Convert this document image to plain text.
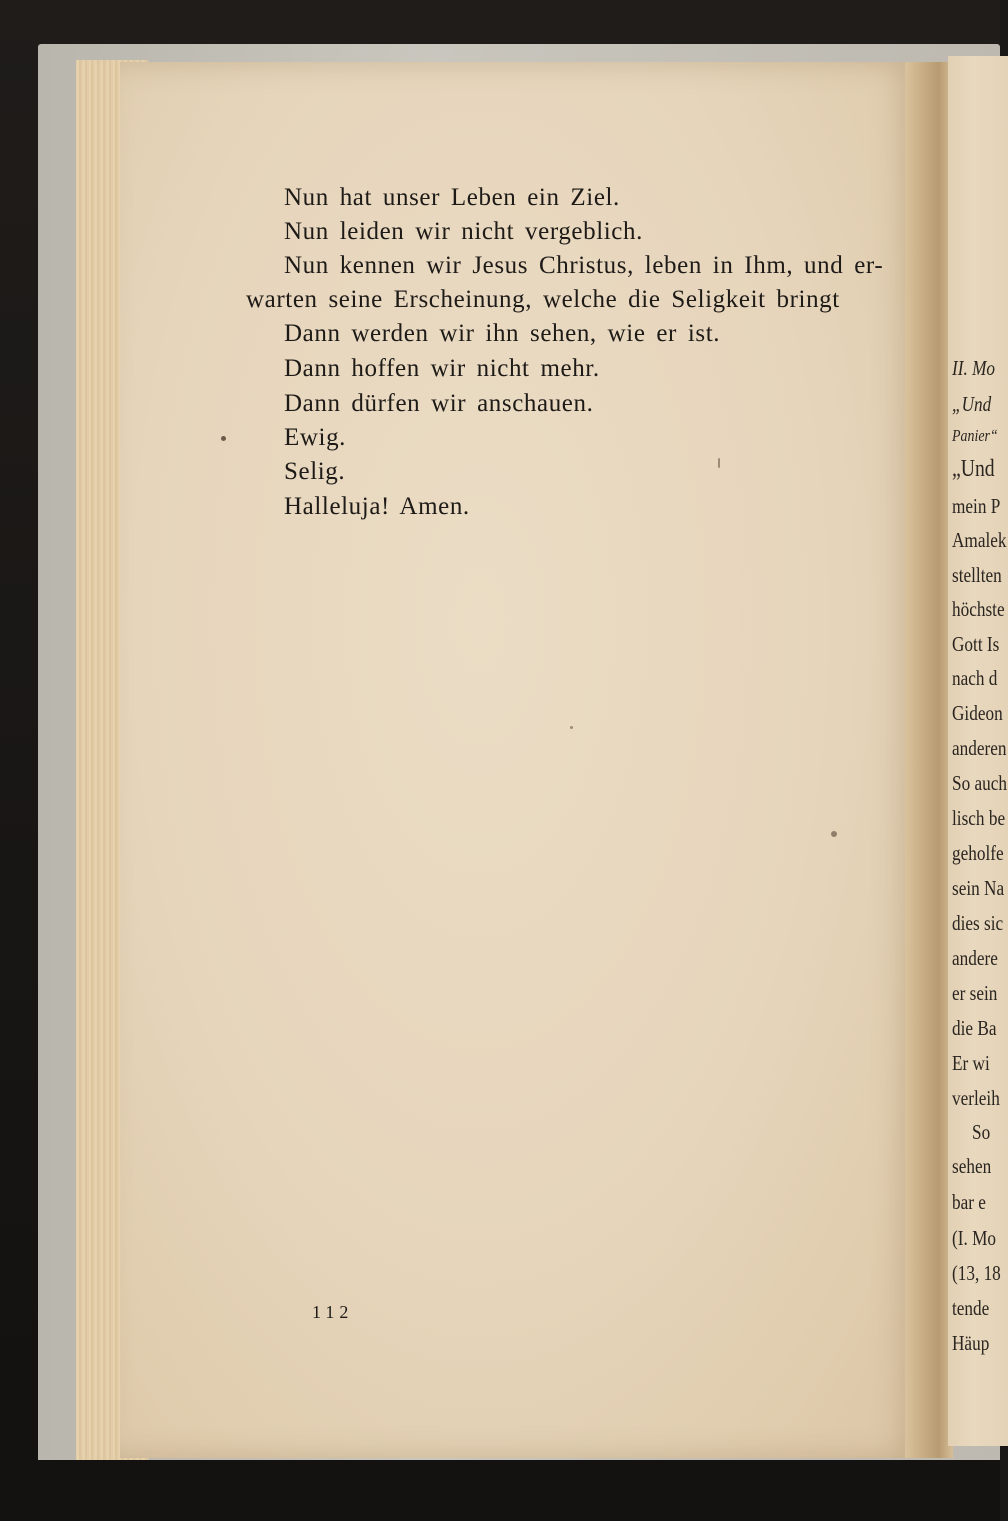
II. Mo
„Und
Panier“
„Und
mein P
Amalek
stellten
höchste
Gott Is
nach d
Gideon
anderen
So auch
lisch be
geholfe
sein Na
dies sic
andere
er sein
die Ba
Er wi
verleih
So
sehen
bar e
(I. Mo
(13, 18
tende
Häup
Nun hat unser Leben ein Ziel.
Nun leiden wir nicht vergeblich.
Nun kennen wir Jesus Christus, leben in Ihm, und er-
warten seine Erscheinung, welche die Seligkeit bringt
Dann werden wir ihn sehen, wie er ist.
Dann hoffen wir nicht mehr.
Dann dürfen wir anschauen.
Ewig.
Selig.
Halleluja! Amen.
112
